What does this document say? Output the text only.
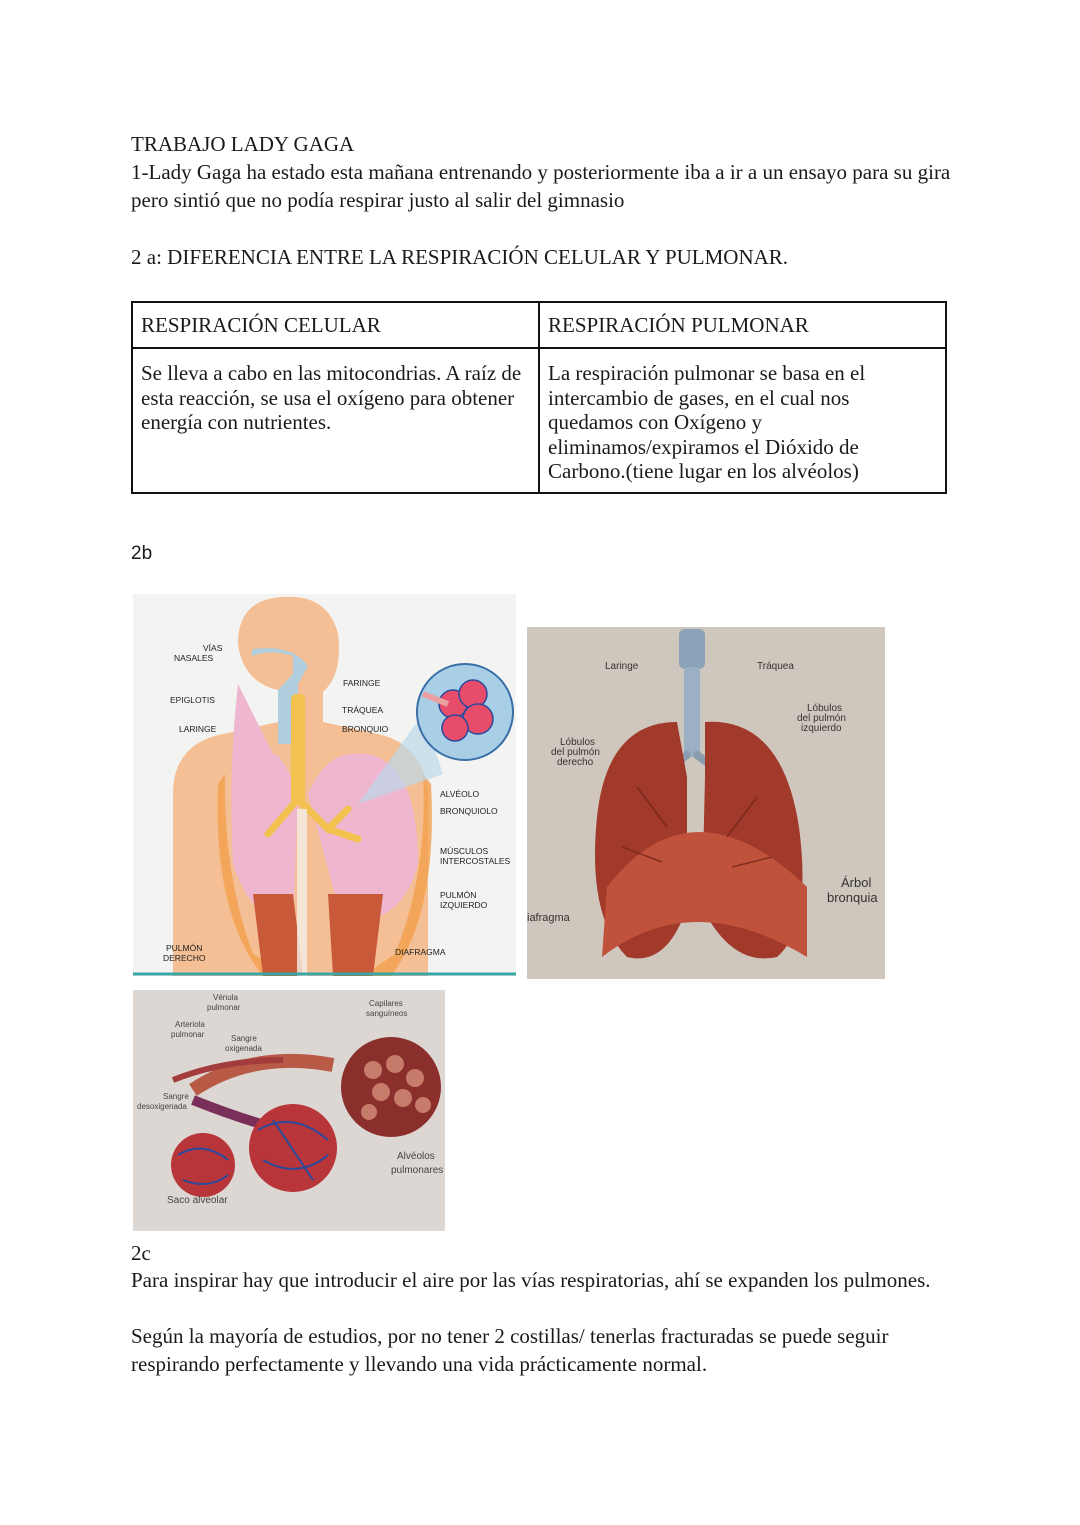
TRABAJO LADY GAGA

1-Lady Gaga ha estado esta mañana entrenando y posteriormente iba a ir a un ensayo para su gira pero sintió que no podía respirar justo al salir del gimnasio

2 a: DIFERENCIA ENTRE LA RESPIRACIÓN CELULAR Y PULMONAR.

RESPIRACIÓN CELULAR	RESPIRACIÓN PULMONAR
Se lleva a cabo en las mitocondrias. A raíz de esta reacción, se usa el oxígeno para obtener energía con nutrientes.	La respiración pulmonar se basa en el intercambio de gases, en el cual nos quedamos con Oxígeno y eliminamos/expiramos el Dióxido de Carbono.(tiene lugar en los alvéolos)
2b
VÍAS
NASALES
EPIGLOTIS
LARINGE
FARINGE
TRÁQUEA
BRONQUIO
ALVÉOLO
BRONQUIOLO
MÚSCULOS
INTERCOSTALES
PULMÓN
IZQUIERDO
PULMÓN
DERECHO
DIAFRAGMA
Laringe	Tráquea
Lóbulos
del pulmón
izquierdo
Lóbulos
del pulmón
derecho
Árbol
bronquia
iafragma
Vénula
pulmonar
Arteriola
pulmonar	Sangre
oxigenada
Capilares
sanguíneos
Sangre
desoxigenada
Alvéolos
pulmonares
Saco alveolar

2c

Para inspirar hay que introducir el aire por las vías respiratorias, ahí se expanden los pulmones.

Según la mayoría de estudios, por no tener 2 costillas/ tenerlas fracturadas se puede seguir respirando perfectamente y llevando una vida prácticamente normal.
